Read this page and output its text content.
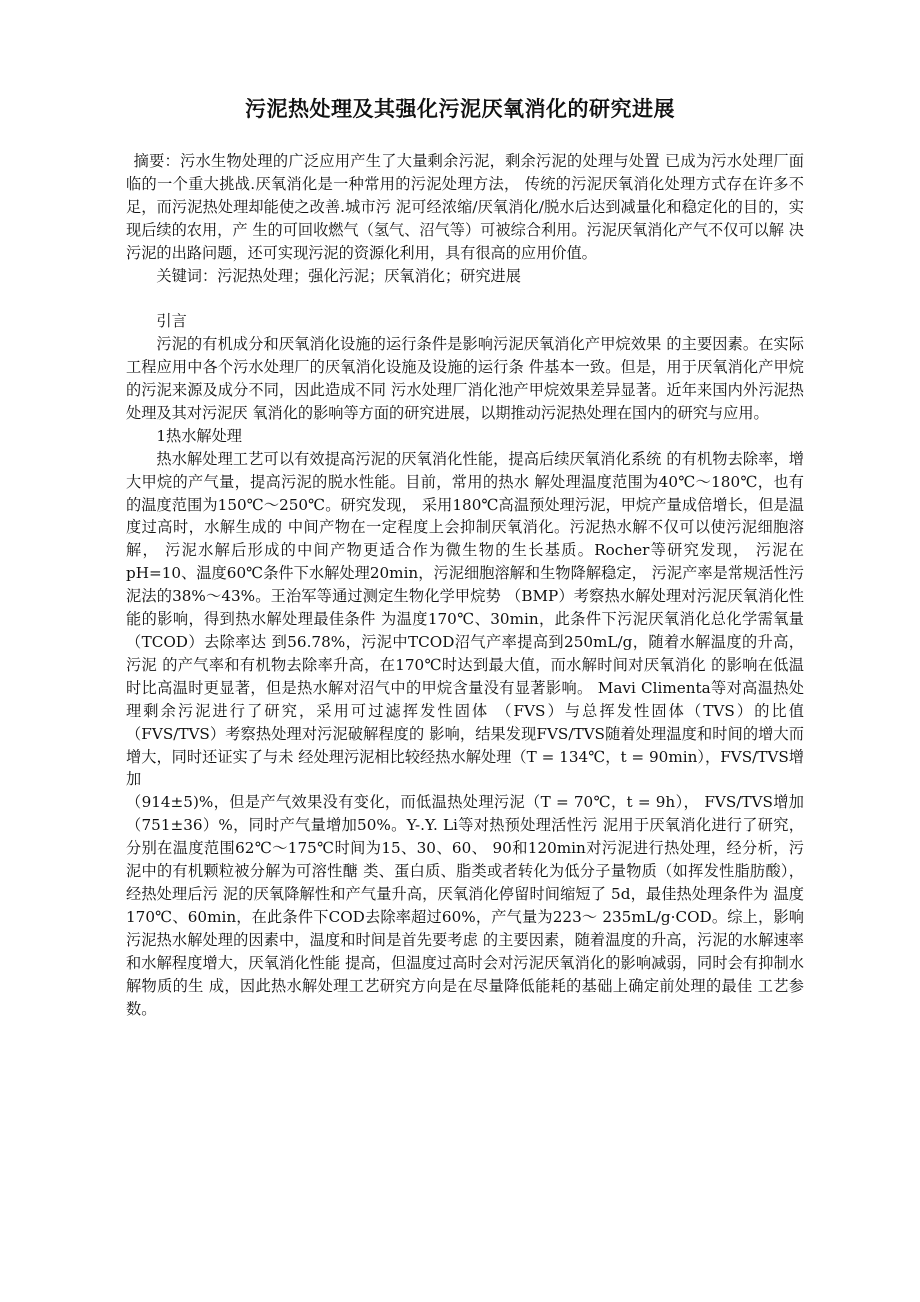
污泥热处理及其强化污泥厌氧消化的研究进展

摘要：污水生物处理的广泛应用产生了大量剩余污泥，剩余污泥的处理与处置 已成为污水处理厂面临的一个重大挑战.厌氧消化是一种常用的污泥处理方法， 传统的污泥厌氧消化处理方式存在许多不足，而污泥热处理却能使之改善.城市污 泥可经浓缩/厌氧消化/脱水后达到减量化和稳定化的目的，实现后续的农用，产 生的可回收燃气（氢气、沼气等）可被综合利用。污泥厌氧消化产气不仅可以解 决污泥的出路问题，还可实现污泥的资源化利用，具有很高的应用价值。

关键词：污泥热处理；强化污泥；厌氧消化；研究进展

引言

污泥的有机成分和厌氧消化设施的运行条件是影响污泥厌氧消化产甲烷效果 的主要因素。在实际工程应用中各个污水处理厂的厌氧消化设施及设施的运行条 件基本一致。但是，用于厌氧消化产甲烷的污泥来源及成分不同，因此造成不同 污水处理厂消化池产甲烷效果差异显著。近年来国内外污泥热处理及其对污泥厌 氧消化的影响等方面的研究进展，以期推动污泥热处理在国内的研究与应用。

1热水解处理

热水解处理工艺可以有效提高污泥的厌氧消化性能，提高后续厌氧消化系统 的有机物去除率，增大甲烷的产气量，提高污泥的脱水性能。目前，常用的热水 解处理温度范围为40℃～180℃，也有的温度范围为150℃～250℃。研究发现， 采用180℃高温预处理污泥，甲烷产量成倍增长，但是温度过高时，水解生成的 中间产物在一定程度上会抑制厌氧消化。污泥热水解不仅可以使污泥细胞溶解， 污泥水解后形成的中间产物更适合作为微生物的生长基质。Rocher等研究发现， 污泥在pH=10、温度60℃条件下水解处理20min，污泥细胞溶解和生物降解稳定， 污泥产率是常规活性污泥法的38%～43%。王治军等通过测定生物化学甲烷势 （BMP）考察热水解处理对污泥厌氧消化性能的影响，得到热水解处理最佳条件 为温度170℃、30min，此条件下污泥厌氧消化总化学需氧量（TCOD）去除率达 到56.78%，污泥中TCOD沼气产率提高到250mL/g，随着水解温度的升高，污泥 的产气率和有机物去除率升高，在170℃时达到最大值，而水解时间对厌氧消化 的影响在低温时比高温时更显著，但是热水解对沼气中的甲烷含量没有显著影响。 Mavi Climenta等对高温热处理剩余污泥进行了研究，采用可过滤挥发性固体 （FVS）与总挥发性固体（TVS）的比值（FVS/TVS）考察热处理对污泥破解程度的 影响，结果发现FVS/TVS随着处理温度和时间的增大而增大，同时还证实了与未 经处理污泥相比较经热水解处理（T = 134℃，t = 90min），FVS/TVS增加

（914±5)%，但是产气效果没有变化，而低温热处理污泥（T = 70℃，t = 9h）， FVS/TVS增加（751±36）%，同时产气量增加50%。Y-.Y. Li等对热预处理活性污 泥用于厌氧消化进行了研究，分别在温度范围62℃～175℃时间为15、30、60、 90和120min对污泥进行热处理，经分析，污泥中的有机颗粒被分解为可溶性醣 类、蛋白质、脂类或者转化为低分子量物质（如挥发性脂肪酸），经热处理后污 泥的厌氧降解性和产气量升高，厌氧消化停留时间缩短了 5d，最佳热处理条件为 温度170℃、60min，在此条件下COD去除率超过60%，产气量为223～ 235mL/g·COD。综上，影响污泥热水解处理的因素中，温度和时间是首先要考虑 的主要因素，随着温度的升高，污泥的水解速率和水解程度增大，厌氧消化性能 提高，但温度过高时会对污泥厌氧消化的影响减弱，同时会有抑制水解物质的生 成，因此热水解处理工艺研究方向是在尽量降低能耗的基础上确定前处理的最佳 工艺参数。
